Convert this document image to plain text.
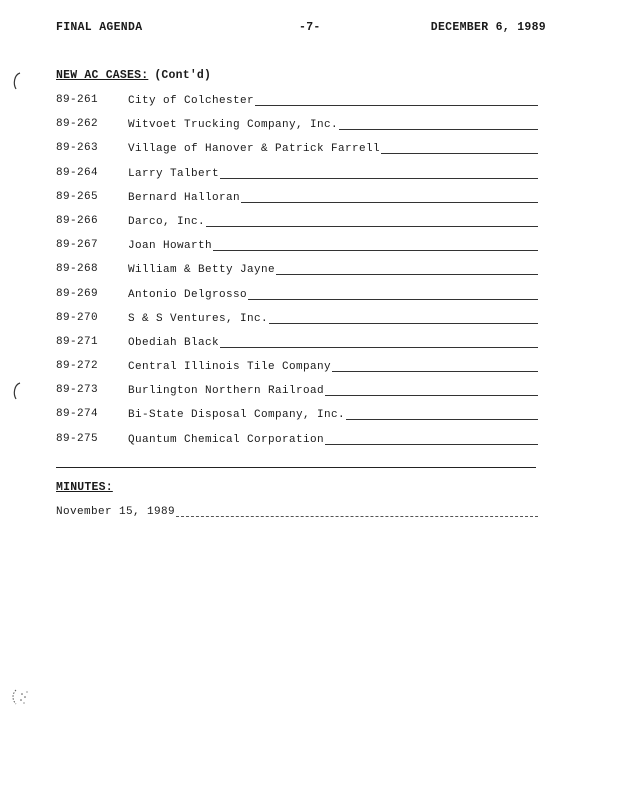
FINAL AGENDA	-7-	DECEMBER 6, 1989
NEW AC CASES: (Cont'd)
89-261	City of Colchester
89-262	Witvoet Trucking Company, Inc.
89-263	Village of Hanover & Patrick Farrell
89-264	Larry Talbert
89-265	Bernard Halloran
89-266	Darco, Inc.
89-267	Joan Howarth
89-268	William & Betty Jayne
89-269	Antonio Delgrosso
89-270	S & S Ventures, Inc.
89-271	Obediah Black
89-272	Central Illinois Tile Company
89-273	Burlington Northern Railroad
89-274	Bi-State Disposal Company, Inc.
89-275	Quantum Chemical Corporation
MINUTES:
November 15, 1989
